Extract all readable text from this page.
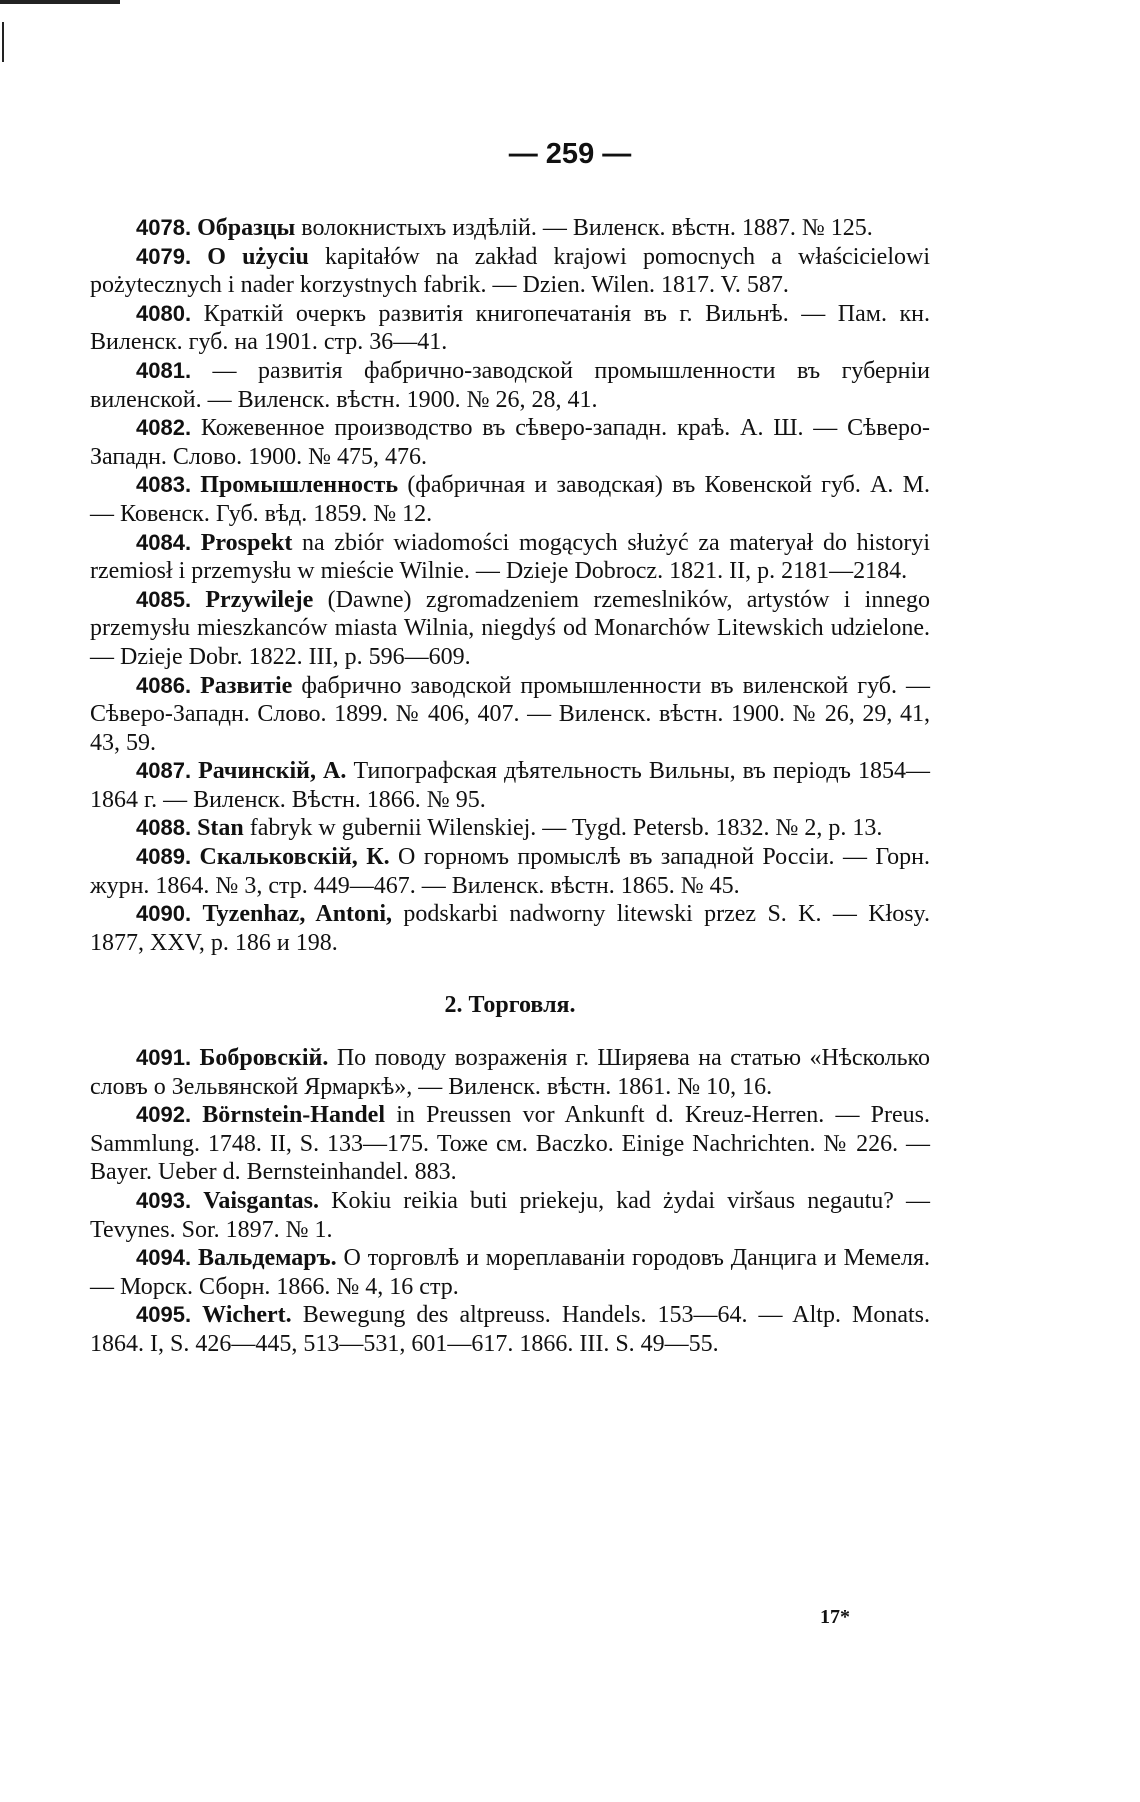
— 259 —

4078. Образцы волокнистыхъ издѣлій. — Виленск. вѣстн. 1887. № 125.

4079. O użyciu kapitałów na zakład krajowi pomocnych a właścicielowi pożytecznych i nader korzystnych fabrik. — Dzien. Wilen. 1817. V. 587.

4080. Краткій очеркъ развитія книгопечатанія въ г. Вильнѣ. — Пам. кн. Виленск. губ. на 1901. стр. 36—41.

4081. — развитія фабрично-заводской промышленности въ губерніи виленской. — Виленск. вѣстн. 1900. № 26, 28, 41.

4082. Кожевенное производство въ сѣверо-западн. краѣ. А. Ш. — Сѣверо-Западн. Слово. 1900. № 475, 476.

4083. Промышленность (фабричная и заводская) въ Ковенской губ. А. М. — Ковенск. Губ. вѣд. 1859. № 12.

4084. Prospekt na zbiór wiadomości mogących służyć za materyał do historyi rzemiosł i przemysłu w mieście Wilnie. — Dzieje Dobrocz. 1821. II, p. 2181—2184.

4085. Przywileje (Dawne) zgromadzeniem rzemeslników, artystów i innego przemysłu mieszkanców miasta Wilnia, niegdyś od Monarchów Litewskich udzielone. — Dzieje Dobr. 1822. III, p. 596—609.

4086. Развитіе фабрично заводской промышленности въ виленской губ. — Сѣверо-Западн. Слово. 1899. № 406, 407. — Виленск. вѣстн. 1900. № 26, 29, 41, 43, 59.

4087. Рачинскій, А. Типографская дѣятельность Вильны, въ періодъ 1854—1864 г. — Виленск. Вѣстн. 1866. № 95.

4088. Stan fabryk w gubernii Wilenskiej. — Tygd. Petersb. 1832. № 2, p. 13.

4089. Скальковскій, К. О горномъ промыслѣ въ западной Россіи. — Горн. журн. 1864. № 3, стр. 449—467. — Виленск. вѣстн. 1865. № 45.

4090. Tyzenhaz, Antoni, podskarbi nadworny litewski przez S. K. — Kłosy. 1877, XXV, p. 186 и 198.

2. Торговля.

4091. Бобровскій. По поводу возраженія г. Ширяева на статью «Нѣсколько словъ о Зельвянской Ярмаркѣ», — Виленск. вѣстн. 1861. № 10, 16.

4092. Börnstein-Handel in Preussen vor Ankunft d. Kreuz-Herren. — Preus. Sammlung. 1748. II, S. 133—175. Тоже см. Baczko. Einige Nachrichten. № 226. — Bayer. Ueber d. Bernsteinhandel. 883.

4093. Vaisgantas. Kokiu reikia buti priekeju, kad żydai viršaus negautu? — Tevynes. Sor. 1897. № 1.

4094. Вальдемаръ. О торговлѣ и мореплаваніи городовъ Данцига и Мемеля. — Морск. Сборн. 1866. № 4, 16 стр.

4095. Wichert. Bewegung des altpreuss. Handels. 153—64. — Altp. Monats. 1864. I, S. 426—445, 513—531, 601—617. 1866. III. S. 49—55.

17*
